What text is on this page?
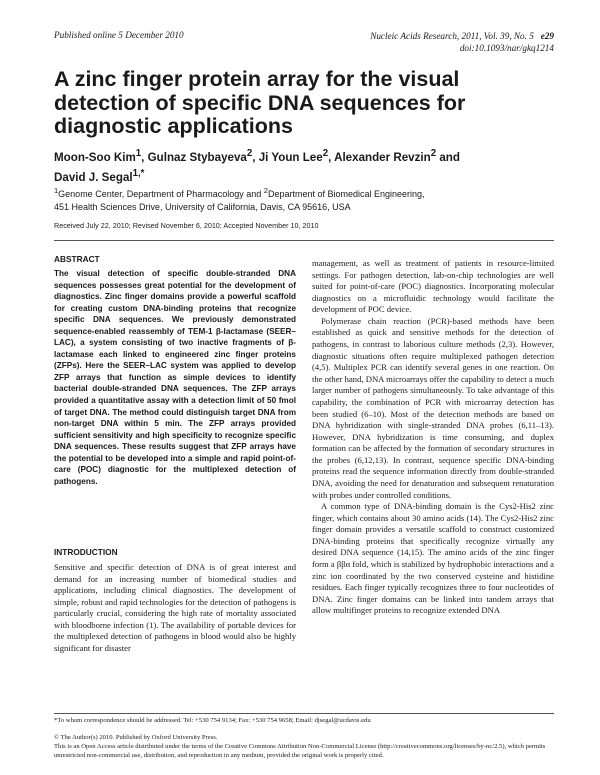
Published online 5 December 2010	Nucleic Acids Research, 2011, Vol. 39, No. 5 e29
doi:10.1093/nar/gkq1214
A zinc finger protein array for the visual detection of specific DNA sequences for diagnostic applications
Moon-Soo Kim$^1$, Gulnaz Stybayeva$^2$, Ji Youn Lee$^2$, Alexander Revzin$^2$ and
David J. Segal$^{1,*}$
$^1$Genome Center, Department of Pharmacology and $^2$Department of Biomedical Engineering,
451 Health Sciences Drive, University of California, Davis, CA 95616, USA
Received July 22, 2010; Revised November 6, 2010; Accepted November 10, 2010
ABSTRACT

The visual detection of specific double-stranded DNA sequences possesses great potential for the development of diagnostics. Zinc finger domains provide a powerful scaffold for creating custom DNA-binding proteins that recognize specific DNA sequences. We previously demonstrated sequence-enabled reassembly of TEM-1 β-lactamase (SEER–LAC), a system consisting of two inactive fragments of β-lactamase each linked to engineered zinc finger proteins (ZFPs). Here the SEER–LAC system was applied to develop ZFP arrays that function as simple devices to identify bacterial double-stranded DNA sequences. The ZFP arrays provided a quantitative assay with a detection limit of 50 fmol of target DNA. The method could distinguish target DNA from non-target DNA within 5 min. The ZFP arrays provided sufficient sensitivity and high specificity to recognize specific DNA sequences. These results suggest that ZFP arrays have the potential to be developed into a simple and rapid point-of-care (POC) diagnostic for the multiplexed detection of pathogens.

INTRODUCTION

Sensitive and specific detection of DNA is of great interest and demand for an increasing number of biomedical studies and applications, including clinical diagnostics. The development of simple, robust and rapid technologies for the detection of pathogens is particularly crucial, considering the high rate of mortality associated with bloodborne infection (1). The availability of portable devices for the multiplexed detection of pathogens in blood would also be highly significant for disaster

management, as well as treatment of patients in resource-limited settings. For pathogen detection, lab-on-chip technologies are well suited for point-of-care (POC) diagnostics. Incorporating molecular diagnostics on a microfluidic technology would facilitate the development of POC device.

Polymerase chain reaction (PCR)-based methods have been established as quick and sensitive methods for the detection of pathogens, in contrast to laborious culture methods (2,3). However, diagnostic situations often require multiplexed pathogen detection (4,5). Multiplex PCR can identify several genes in one reaction. On the other hand, DNA microarrays offer the capability to detect a much larger number of pathogens simultaneously. To take advantage of this capability, the combination of PCR with microarray detection has been studied (6–10). Most of the detection methods are based on DNA hybridization with single-stranded DNA probes (6,11–13). However, DNA hybridization is time consuming, and duplex formation can be affected by the formation of secondary structures in the probes (6,12,13). In contrast, sequence specific DNA-binding proteins read the sequence information directly from double-stranded DNA, avoiding the need for denaturation and subsequent renaturation with probes under controlled conditions.

A common type of DNA-binding domain is the Cys2-His2 zinc finger, which contains about 30 amino acids (14). The Cys2-His2 zinc finger domain provides a versatile scaffold to construct customized DNA-binding proteins that specifically recognize virtually any desired DNA sequence (14,15). The amino acids of the zinc finger form a ββα fold, which is stabilized by hydrophobic interactions and a zinc ion coordinated by the two conserved cysteine and histidine residues. Each finger typically recognizes three to four nucleotides of DNA. Zinc finger domains can be linked into tandem arrays that allow multifinger proteins to recognize extended DNA

*To whom correspondence should be addressed. Tel: +530 754 9134; Fax: +530 754 9658; Email: djsegal@ucdavis.edu
© The Author(s) 2010. Published by Oxford University Press.
This is an Open Access article distributed under the terms of the Creative Commons Attribution Non-Commercial License (http://creativecommons.org/licenses/by-nc/2.5), which permits unrestricted non-commercial use, distribution, and reproduction in any medium, provided the original work is properly cited.
